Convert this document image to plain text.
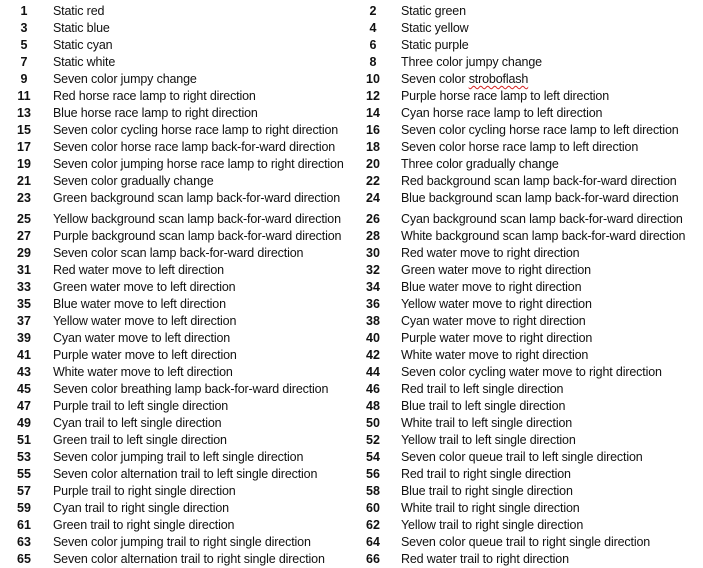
1	Static red	2	Static green
3	Static blue	4	Static yellow
5	Static cyan	6	Static purple
7	Static white	8	Three color jumpy change
9	Seven color jumpy change	10	Seven color stroboflash
11	Red horse race lamp to right direction	12	Purple horse race lamp to left direction
13	Blue horse race lamp to right direction	14	Cyan horse race lamp to left direction
15	Seven color cycling horse race lamp to right direction	16	Seven color cycling horse race lamp to left direction
17	Seven color horse race lamp back-for-ward direction	18	Seven color horse race lamp to left direction
19	Seven color jumping horse race lamp to right direction	20	Three color gradually change
21	Seven color gradually change	22	Red background scan lamp back-for-ward direction
23	Green background scan lamp back-for-ward direction	24	Blue background scan lamp back-for-ward direction
25	Yellow background scan lamp back-for-ward direction	26	Cyan background scan lamp back-for-ward direction
27	Purple background scan lamp back-for-ward direction	28	White background scan lamp back-for-ward direction
29	Seven color scan lamp back-for-ward direction	30	Red water move to right direction
31	Red water move to left direction	32	Green water move to right direction
33	Green water move to left direction	34	Blue water move to right direction
35	Blue water move to left direction	36	Yellow water move to right direction
37	Yellow water move to left direction	38	Cyan water move to right direction
39	Cyan water move to left direction	40	Purple water move to right direction
41	Purple water move to left direction	42	White water move to right direction
43	White water move to left direction	44	Seven color cycling water move to right direction
45	Seven color breathing lamp back-for-ward direction	46	Red trail to left single direction
47	Purple trail to left single direction	48	Blue trail to left single direction
49	Cyan trail to left single direction	50	White trail to left single direction
51	Green trail to left single direction	52	Yellow trail to left single direction
53	Seven color jumping trail to left single direction	54	Seven color queue trail to left single direction
55	Seven color alternation trail to left single direction	56	Red trail to right single direction
57	Purple trail to right single direction	58	Blue trail to right single direction
59	Cyan trail to right single direction	60	White trail to right single direction
61	Green trail to right single direction	62	Yellow trail to right single direction
63	Seven color jumping trail to right single direction	64	Seven color queue trail to right single direction
65	Seven color alternation trail to right single direction	66	Red water trail to right direction
